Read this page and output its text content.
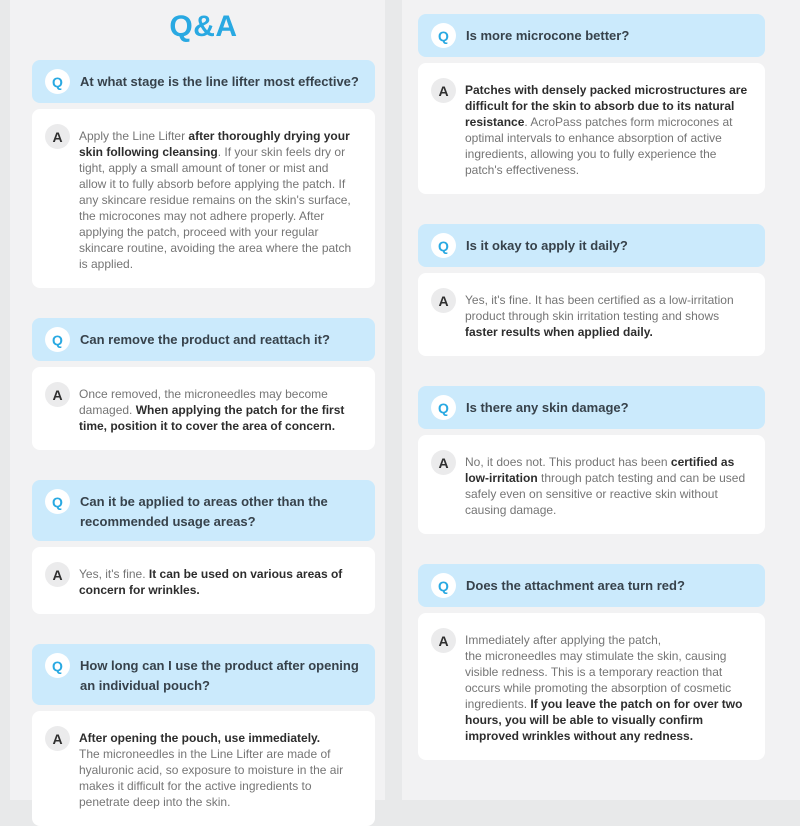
Q&A
Q	At what stage is the line lifter most effective?
A	Apply the Line Lifter after thoroughly drying your skin following cleansing. If your skin feels dry or tight, apply a small amount of toner or mist and allow it to fully absorb before applying the patch. If any skincare residue remains on the skin's surface, the microcones may not adhere properly. After applying the patch, proceed with your regular skincare routine, avoiding the area where the patch is applied.
Q	Can remove the product and reattach it?
A	Once removed, the microneedles may become damaged. When applying the patch for the first time, position it to cover the area of concern.
Q	Can it be applied to areas other than the recommended usage areas?
A	Yes, it's fine. It can be used on various areas of concern for wrinkles.
Q	How long can I use the product after opening an individual pouch?
A	After opening the pouch, use immediately.
The microneedles in the Line Lifter are made of hyaluronic acid, so exposure to moisture in the air makes it difficult for the active ingredients to penetrate deep into the skin.
Q	Is more microcone better?
A	Patches with densely packed microstructures are difficult for the skin to absorb due to its natural resistance. AcroPass patches form microcones at optimal intervals to enhance absorption of active ingredients, allowing you to fully experience the patch's effectiveness.
Q	Is it okay to apply it daily?
A	Yes, it's fine. It has been certified as a low-irritation product through skin irritation testing and shows faster results when applied daily.
Q	Is there any skin damage?
A	No, it does not. This product has been certified as low-irritation through patch testing and can be used safely even on sensitive or reactive skin without causing damage.
Q	Does the attachment area turn red?
A	Immediately after applying the patch,
the microneedles may stimulate the skin, causing visible redness. This is a temporary reaction that occurs while promoting the absorption of cosmetic ingredients. If you leave the patch on for over two hours, you will be able to visually confirm improved wrinkles without any redness.
